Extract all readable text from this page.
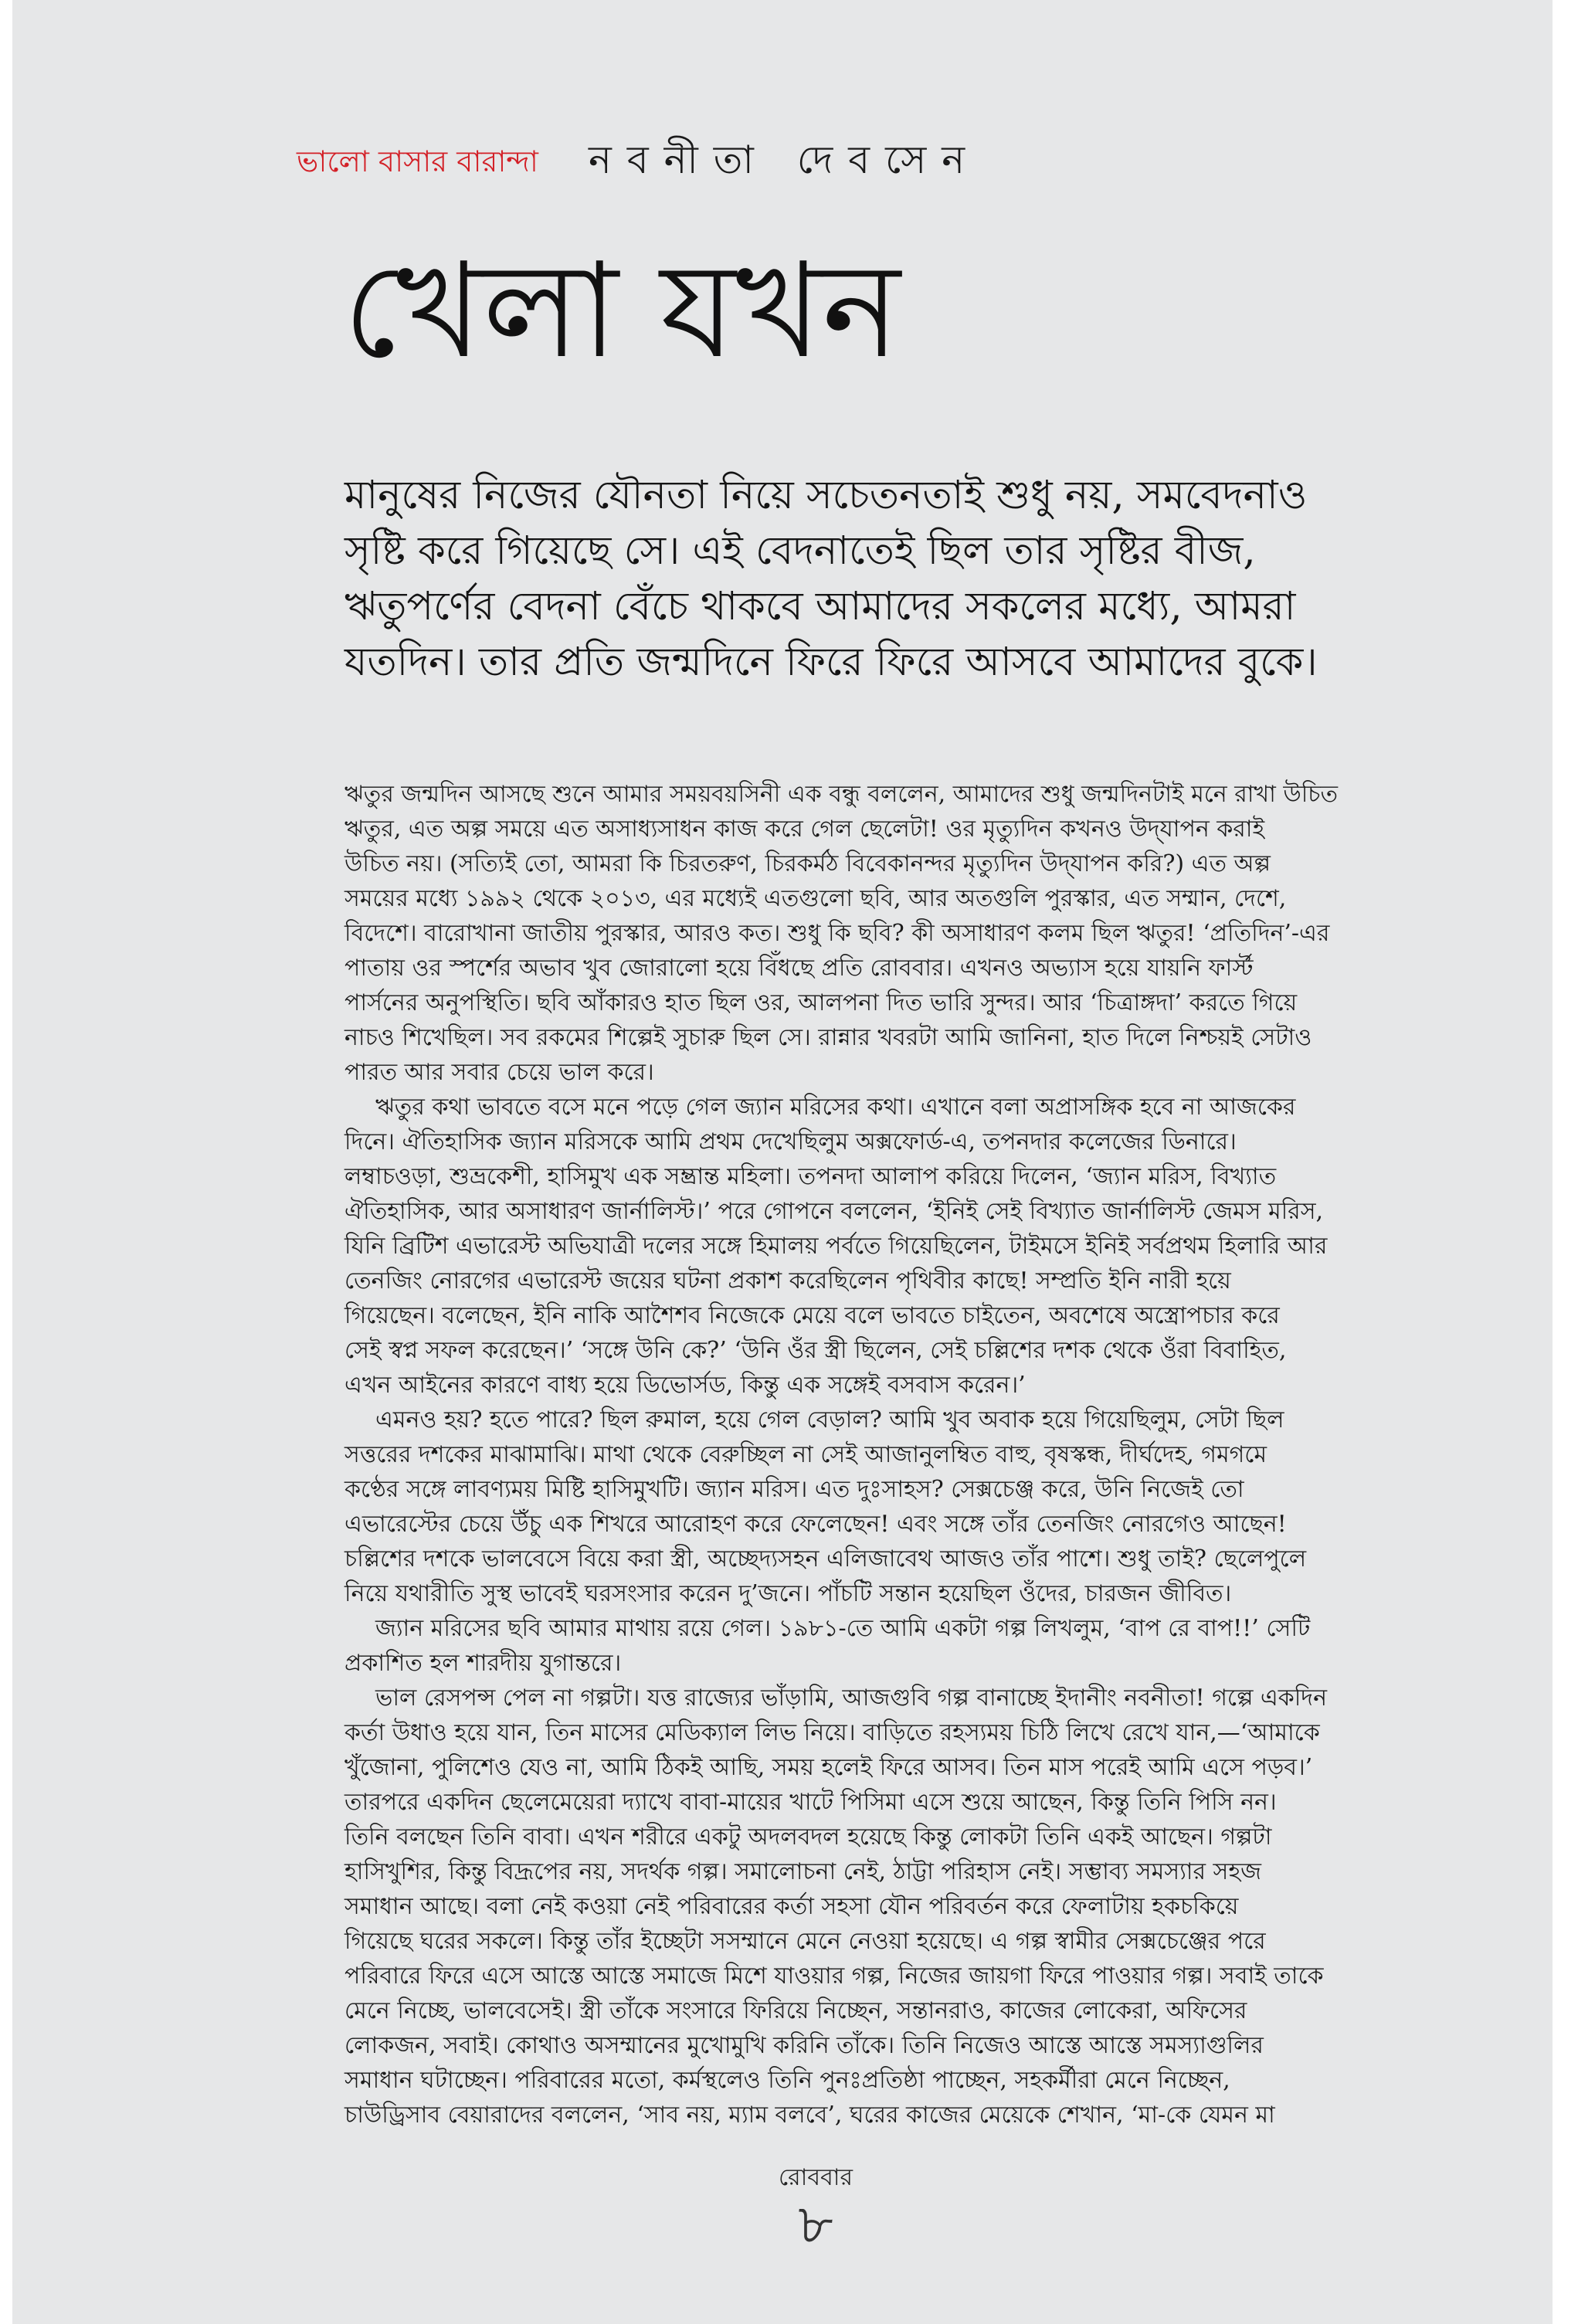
ভালো বাসার বারান্দা নবনীতা দেবসেন
খেলা যখন

মানুষের নিজের যৌনতা নিয়ে সচেতনতাই শুধু নয়, সমবেদনাও

সৃষ্টি করে গিয়েছে সে। এই বেদনাতেই ছিল তার সৃষ্টির বীজ,

ঋতুপর্ণের বেদনা বেঁচে থাকবে আমাদের সকলের মধ্যে, আমরা

যতদিন। তার প্রতি জন্মদিনে ফিরে ফিরে আসবে আমাদের বুকে।

ঋতুর জন্মদিন আসছে শুনে আমার সময়বয়সিনী এক বন্ধু বললেন, আমাদের শুধু জন্মদিনটাই মনে রাখা উচিত

ঋতুর, এত অল্প সময়ে এত অসাধ্যসাধন কাজ করে গেল ছেলেটা! ওর মৃত্যুদিন কখনও উদ্‌যাপন করাই

উচিত নয়। (সত্যিই তো, আমরা কি চিরতরুণ, চিরকর্মঠ বিবেকানন্দর মৃত্যুদিন উদ্‌যাপন করি?) এত অল্প

সময়ের মধ্যে ১৯৯২ থেকে ২০১৩, এর মধ্যেই এতগুলো ছবি, আর অতগুলি পুরস্কার, এত সম্মান, দেশে,

বিদেশে। বারোখানা জাতীয় পুরস্কার, আরও কত। শুধু কি ছবি? কী অসাধারণ কলম ছিল ঋতুর! ‘প্রতিদিন’-এর

পাতায় ওর স্পর্শের অভাব খুব জোরালো হয়ে বিঁধছে প্রতি রোববার। এখনও অভ্যাস হয়ে যায়নি ফার্স্ট

পার্সনের অনুপস্থিতি। ছবি আঁকারও হাত ছিল ওর, আলপনা দিত ভারি সুন্দর। আর ‘চিত্রাঙ্গদা’ করতে গিয়ে

নাচও শিখেছিল। সব রকমের শিল্পেই সুচারু ছিল সে। রান্নার খবরটা আমি জানিনা, হাত দিলে নিশ্চয়ই সেটাও

পারত আর সবার চেয়ে ভাল করে।

ঋতুর কথা ভাবতে বসে মনে পড়ে গেল জ্যান মরিসের কথা। এখানে বলা অপ্রাসঙ্গিক হবে না আজকের

দিনে। ঐতিহাসিক জ্যান মরিসকে আমি প্রথম দেখেছিলুম অক্সফোর্ড-এ, তপনদার কলেজের ডিনারে।

লম্বাচওড়া, শুভ্রকেশী, হাসিমুখ এক সম্ভ্রান্ত মহিলা। তপনদা আলাপ করিয়ে দিলেন, ‘জ্যান মরিস, বিখ্যাত

ঐতিহাসিক, আর অসাধারণ জার্নালিস্ট।’ পরে গোপনে বললেন, ‘ইনিই সেই বিখ্যাত জার্নালিস্ট জেমস মরিস,

যিনি ব্রিটিশ এভারেস্ট অভিযাত্রী দলের সঙ্গে হিমালয় পর্বতে গিয়েছিলেন, টাইমসে ইনিই সর্বপ্রথম হিলারি আর

তেনজিং নোরগের এভারেস্ট জয়ের ঘটনা প্রকাশ করেছিলেন পৃথিবীর কাছে! সম্প্রতি ইনি নারী হয়ে

গিয়েছেন। বলেছেন, ইনি নাকি আশৈশব নিজেকে মেয়ে বলে ভাবতে চাইতেন, অবশেষে অস্ত্রোপচার করে

সেই স্বপ্ন সফল করেছেন।’ ‘সঙ্গে উনি কে?’ ‘উনি ওঁর স্ত্রী ছিলেন, সেই চল্লিশের দশক থেকে ওঁরা বিবাহিত,

এখন আইনের কারণে বাধ্য হয়ে ডিভোর্সড, কিন্তু এক সঙ্গেই বসবাস করেন।’

এমনও হয়? হতে পারে? ছিল রুমাল, হয়ে গেল বেড়াল? আমি খুব অবাক হয়ে গিয়েছিলুম, সেটা ছিল

সত্তরের দশকের মাঝামাঝি। মাথা থেকে বেরুচ্ছিল না সেই আজানুলম্বিত বাহু, বৃষস্কন্ধ, দীর্ঘদেহ, গমগমে

কণ্ঠের সঙ্গে লাবণ্যময় মিষ্টি হাসিমুখটি। জ্যান মরিস। এত দুঃসাহস? সেক্সচেঞ্জ করে, উনি নিজেই তো

এভারেস্টের চেয়ে উঁচু এক শিখরে আরোহণ করে ফেলেছেন! এবং সঙ্গে তাঁর তেনজিং নোরগেও আছেন!

চল্লিশের দশকে ভালবেসে বিয়ে করা স্ত্রী, অচ্ছেদ্যসহন এলিজাবেথ আজও তাঁর পাশে। শুধু তাই? ছেলেপুলে

নিয়ে যথারীতি সুস্থ ভাবেই ঘরসংসার করেন দু’জনে। পাঁচটি সন্তান হয়েছিল ওঁদের, চারজন জীবিত।

জ্যান মরিসের ছবি আমার মাথায় রয়ে গেল। ১৯৮১-তে আমি একটা গল্প লিখলুম, ‘বাপ রে বাপ!!’ সেটি

প্রকাশিত হল শারদীয় যুগান্তরে।

ভাল রেসপন্স পেল না গল্পটা। যত্ত রাজ্যের ভাঁড়ামি, আজগুবি গল্প বানাচ্ছে ইদানীং নবনীতা! গল্পে একদিন

কর্তা উধাও হয়ে যান, তিন মাসের মেডিক্যাল লিভ নিয়ে। বাড়িতে রহস্যময় চিঠি লিখে রেখে যান,—‘আমাকে

খুঁজোনা, পুলিশেও যেও না, আমি ঠিকই আছি, সময় হলেই ফিরে আসব। তিন মাস পরেই আমি এসে পড়ব।’

তারপরে একদিন ছেলেমেয়েরা দ্যাখে বাবা-মায়ের খাটে পিসিমা এসে শুয়ে আছেন, কিন্তু তিনি পিসি নন।

তিনি বলছেন তিনি বাবা। এখন শরীরে একটু অদলবদল হয়েছে কিন্তু লোকটা তিনি একই আছেন। গল্পটা

হাসিখুশির, কিন্তু বিদ্রূপের নয়, সদর্থক গল্প। সমালোচনা নেই, ঠাট্টা পরিহাস নেই। সম্ভাব্য সমস্যার সহজ

সমাধান আছে। বলা নেই কওয়া নেই পরিবারের কর্তা সহসা যৌন পরিবর্তন করে ফেলাটায় হকচকিয়ে

গিয়েছে ঘরের সকলে। কিন্তু তাঁর ইচ্ছেটা সসম্মানে মেনে নেওয়া হয়েছে। এ গল্প স্বামীর সেক্সচেঞ্জের পরে

পরিবারে ফিরে এসে আস্তে আস্তে সমাজে মিশে যাওয়ার গল্প, নিজের জায়গা ফিরে পাওয়ার গল্প। সবাই তাকে

মেনে নিচ্ছে, ভালবেসেই। স্ত্রী তাঁকে সংসারে ফিরিয়ে নিচ্ছেন, সন্তানরাও, কাজের লোকেরা, অফিসের

লোকজন, সবাই। কোথাও অসম্মানের মুখোমুখি করিনি তাঁকে। তিনি নিজেও আস্তে আস্তে সমস্যাগুলির

সমাধান ঘটাচ্ছেন। পরিবারের মতো, কর্মস্থলেও তিনি পুনঃপ্রতিষ্ঠা পাচ্ছেন, সহকর্মীরা মেনে নিচ্ছেন,

চাউড্রিসাব বেয়ারাদের বললেন, ‘সাব নয়, ম্যাম বলবে’, ঘরের কাজের মেয়েকে শেখান, ‘মা-কে যেমন মা

রোববার
৮
